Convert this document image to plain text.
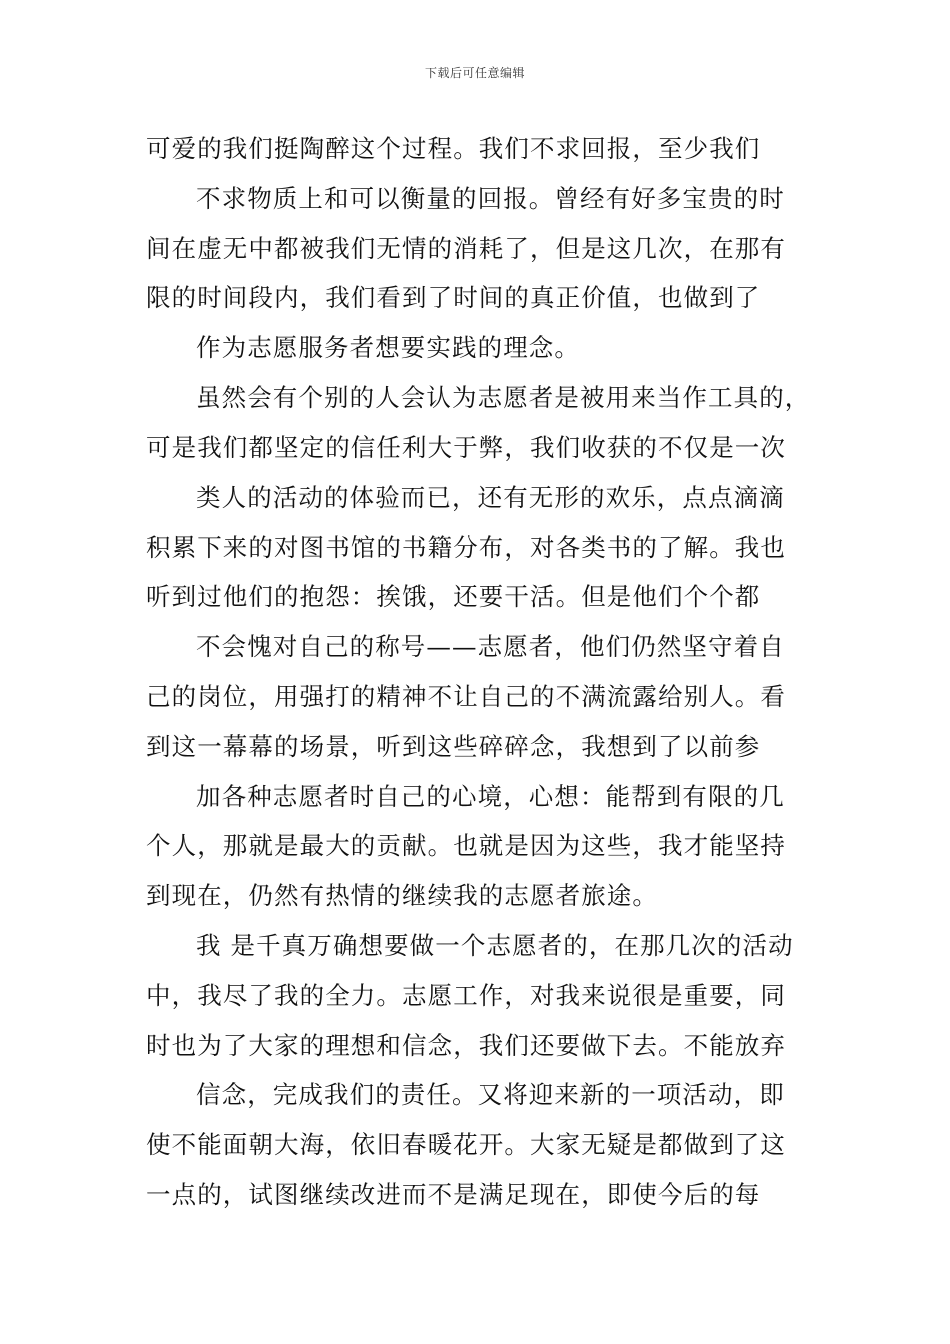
下载后可任意编辑
可爱的我们挺陶醉这个过程。我们不求回报，至少我们
不求物质上和可以衡量的回报。曾经有好多宝贵的时
间在虚无中都被我们无情的消耗了，但是这几次，在那有
限的时间段内，我们看到了时间的真正价值，也做到了
作为志愿服务者想要实践的理念。
虽然会有个别的人会认为志愿者是被用来当作工具的，
可是我们都坚定的信任利大于弊，我们收获的不仅是一次
类人的活动的体验而已，还有无形的欢乐，点点滴滴
积累下来的对图书馆的书籍分布，对各类书的了解。我也
听到过他们的抱怨：挨饿，还要干活。但是他们个个都
不会愧对自己的称号——志愿者，他们仍然坚守着自
己的岗位，用强打的精神不让自己的不满流露给别人。看
到这一幕幕的场景，听到这些碎碎念，我想到了以前参
加各种志愿者时自己的心境，心想：能帮到有限的几
个人，那就是最大的贡献。也就是因为这些，我才能坚持
到现在，仍然有热情的继续我的志愿者旅途。
我 是千真万确想要做一个志愿者的，在那几次的活动
中，我尽了我的全力。志愿工作，对我来说很是重要，同
时也为了大家的理想和信念，我们还要做下去。不能放弃
信念，完成我们的责任。又将迎来新的一项活动，即
使不能面朝大海，依旧春暖花开。大家无疑是都做到了这
一点的，试图继续改进而不是满足现在，即使今后的每
